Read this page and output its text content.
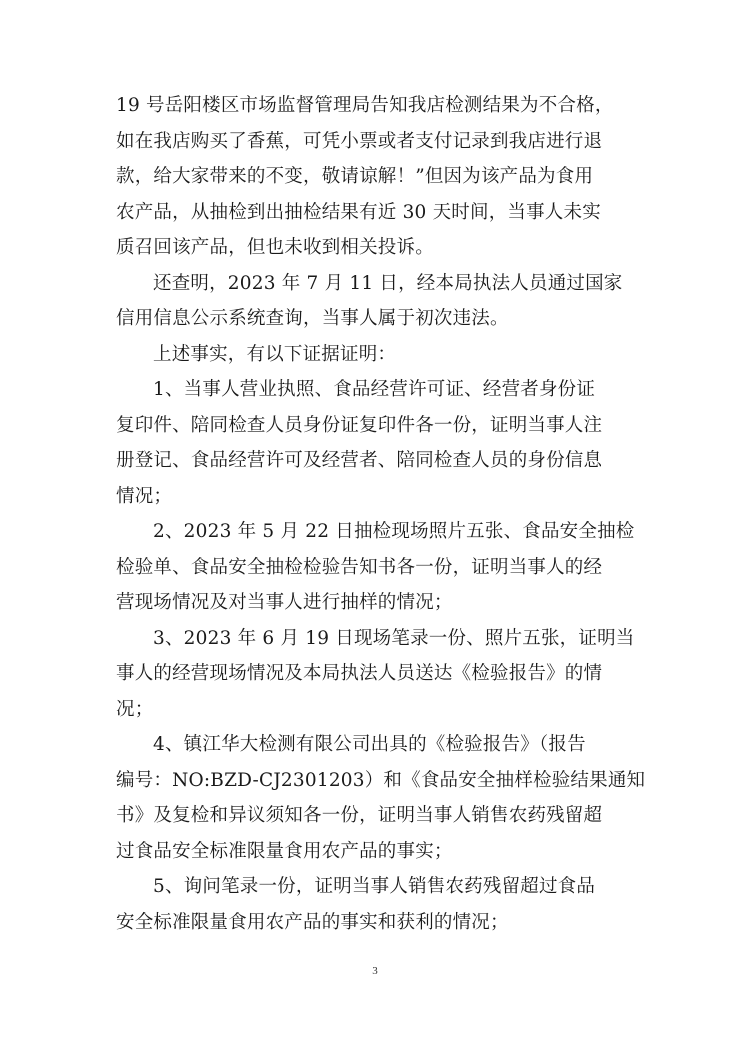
19 号岳阳楼区市场监督管理局告知我店检测结果为不合格，
如在我店购买了香蕉，可凭小票或者支付记录到我店进行退
款，给大家带来的不变，敬请谅解！”但因为该产品为食用
农产品，从抽检到出抽检结果有近 30 天时间，当事人未实
质召回该产品，但也未收到相关投诉。

还查明，2023 年 7 月 11 日，经本局执法人员通过国家
信用信息公示系统查询，当事人属于初次违法。

上述事实，有以下证据证明：

1、当事人营业执照、食品经营许可证、经营者身份证
复印件、陪同检查人员身份证复印件各一份，证明当事人注
册登记、食品经营许可及经营者、陪同检查人员的身份信息
情况；

2、2023 年 5 月 22 日抽检现场照片五张、食品安全抽检
检验单、食品安全抽检检验告知书各一份，证明当事人的经
营现场情况及对当事人进行抽样的情况；

3、2023 年 6 月 19 日现场笔录一份、照片五张，证明当
事人的经营现场情况及本局执法人员送达《检验报告》的情
况；

4、镇江华大检测有限公司出具的《检验报告》（报告
编号：NO:BZD-CJ2301203）和《食品安全抽样检验结果通知
书》及复检和异议须知各一份，证明当事人销售农药残留超
过食品安全标准限量食用农产品的事实；

5、询问笔录一份，证明当事人销售农药残留超过食品
安全标准限量食用农产品的事实和获利的情况；

3
